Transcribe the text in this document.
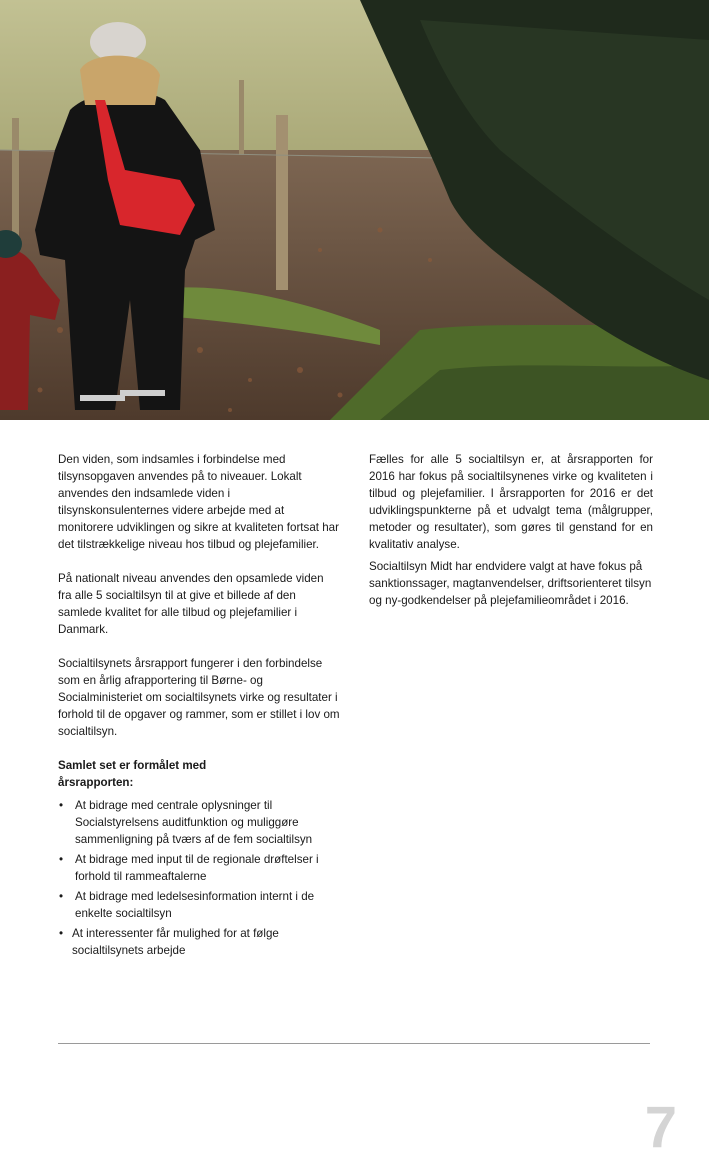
Den viden, som indsamles i forbindelse med tilsynsopgaven anvendes på to niveauer. Lokalt anvendes den indsamlede viden i tilsynskonsulenternes videre arbejde med at monitorere udviklingen og sikre at kvaliteten fortsat har det tilstrækkelige niveau hos tilbud og plejefamilier.

På nationalt niveau anvendes den opsamlede viden fra alle 5 socialtilsyn til at give et billede af den samlede kvalitet for alle tilbud og plejefamilier i Danmark.

Socialtilsynets årsrapport fungerer i den forbindelse som en årlig afrapportering til Børne- og Socialministeriet om socialtilsynets virke og resultater i forhold til de opgaver og rammer, som er stillet i lov om socialtilsyn.

Samlet set er formålet med
årsrapporten:
• At bidrage med centrale oplysninger til Socialstyrelsens auditfunktion og muliggøre sammenligning på tværs af de fem socialtilsyn
• At bidrage med input til de regionale drøftelser i forhold til rammeaftalerne
• At bidrage med ledelsesinformation internt i de enkelte socialtilsyn
• At interessenter får mulighed for at følge socialtilsynets arbejde

Fælles for alle 5 socialtilsyn er, at årsrapporten for 2016 har fokus på socialtilsynenes virke og kvaliteten i tilbud og plejefamilier. I årsrapporten for 2016 er det udviklingspunkterne på et udvalgt tema (målgrupper, metoder og resultater), som gøres til genstand for en kvalitativ analyse.

Socialtilsyn Midt har endvidere valgt at have fokus på sanktionssager, magtanvendelser, driftsorienteret tilsyn og ny-godkendelser på plejefamilieområdet i 2016.

7
